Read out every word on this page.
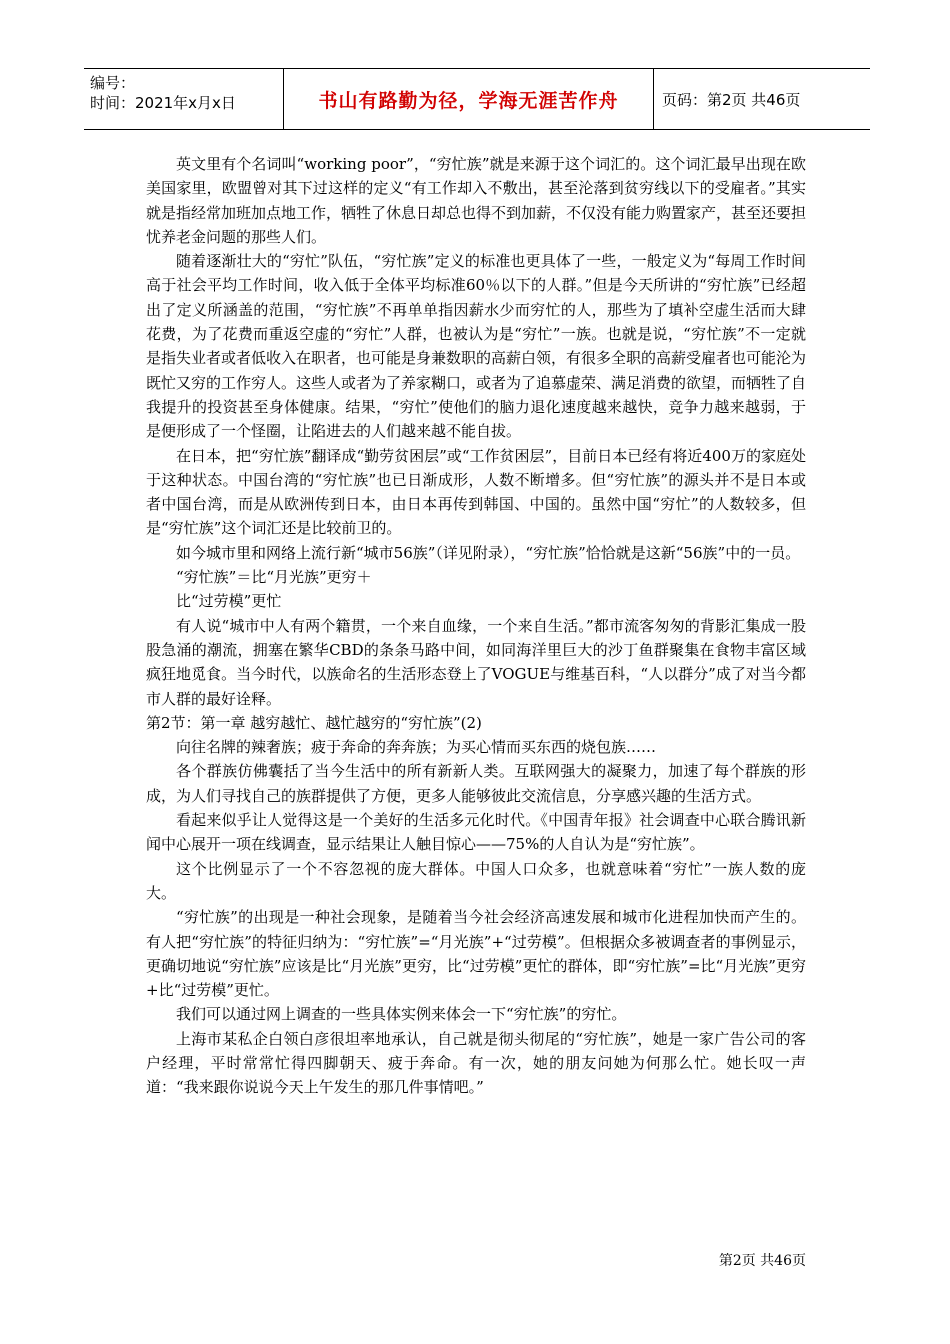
编号：
时间：2021年x月x日	书山有路勤为径，学海无涯苦作舟	页码：第2页 共46页

英文里有个名词叫“working poor”，“穷忙族”就是来源于这个词汇的。这个词汇最早出现在欧美国家里，欧盟曾对其下过这样的定义“有工作却入不敷出，甚至沦落到贫穷线以下的受雇者。”其实就是指经常加班加点地工作，牺牲了休息日却总也得不到加薪，不仅没有能力购置家产，甚至还要担忧养老金问题的那些人们。

随着逐渐壮大的“穷忙”队伍，“穷忙族”定义的标准也更具体了一些，一般定义为“每周工作时间高于社会平均工作时间，收入低于全体平均标准60％以下的人群。”但是今天所讲的“穷忙族”已经超出了定义所涵盖的范围，“穷忙族”不再单单指因薪水少而穷忙的人，那些为了填补空虚生活而大肆花费，为了花费而重返空虚的“穷忙”人群，也被认为是“穷忙”一族。也就是说，“穷忙族”不一定就是指失业者或者低收入在职者，也可能是身兼数职的高薪白领，有很多全职的高薪受雇者也可能沦为既忙又穷的工作穷人。这些人或者为了养家糊口，或者为了追慕虚荣、满足消费的欲望，而牺牲了自我提升的投资甚至身体健康。结果，“穷忙”使他们的脑力退化速度越来越快，竞争力越来越弱，于是便形成了一个怪圈，让陷进去的人们越来越不能自拔。

在日本，把“穷忙族”翻译成“勤劳贫困层”或“工作贫困层”，目前日本已经有将近400万的家庭处于这种状态。中国台湾的“穷忙族”也已日渐成形，人数不断增多。但“穷忙族”的源头并不是日本或者中国台湾，而是从欧洲传到日本，由日本再传到韩国、中国的。虽然中国“穷忙”的人数较多，但是“穷忙族”这个词汇还是比较前卫的。

如今城市里和网络上流行新“城市56族”（详见附录），“穷忙族”恰恰就是这新“56族”中的一员。

“穷忙族”＝比“月光族”更穷＋

比“过劳模”更忙

有人说“城市中人有两个籍贯，一个来自血缘，一个来自生活。”都市流客匆匆的背影汇集成一股股急涌的潮流，拥塞在繁华CBD的条条马路中间，如同海洋里巨大的沙丁鱼群聚集在食物丰富区域疯狂地觅食。当今时代，以族命名的生活形态登上了VOGUE与维基百科，“人以群分”成了对当今都市人群的最好诠释。

第2节：第一章 越穷越忙、越忙越穷的“穷忙族”(2)

向往名牌的辣奢族；疲于奔命的奔奔族；为买心情而买东西的烧包族……

各个群族仿佛囊括了当今生活中的所有新新人类。互联网强大的凝聚力，加速了每个群族的形成，为人们寻找自己的族群提供了方便，更多人能够彼此交流信息，分享感兴趣的生活方式。

看起来似乎让人觉得这是一个美好的生活多元化时代。《中国青年报》社会调查中心联合腾讯新闻中心展开一项在线调查，显示结果让人触目惊心——75%的人自认为是“穷忙族”。

这个比例显示了一个不容忽视的庞大群体。中国人口众多，也就意味着“穷忙”一族人数的庞大。

“穷忙族”的出现是一种社会现象，是随着当今社会经济高速发展和城市化进程加快而产生的。有人把“穷忙族”的特征归纳为：“穷忙族”=“月光族”+“过劳模”。但根据众多被调查者的事例显示，更确切地说“穷忙族”应该是比“月光族”更穷，比“过劳模”更忙的群体，即“穷忙族”=比“月光族”更穷+比“过劳模”更忙。

我们可以通过网上调查的一些具体实例来体会一下“穷忙族”的穷忙。

上海市某私企白领白彦很坦率地承认，自己就是彻头彻尾的“穷忙族”，她是一家广告公司的客户经理，平时常常忙得四脚朝天、疲于奔命。有一次，她的朋友问她为何那么忙。她长叹一声道：“我来跟你说说今天上午发生的那几件事情吧。”

第2页 共46页
